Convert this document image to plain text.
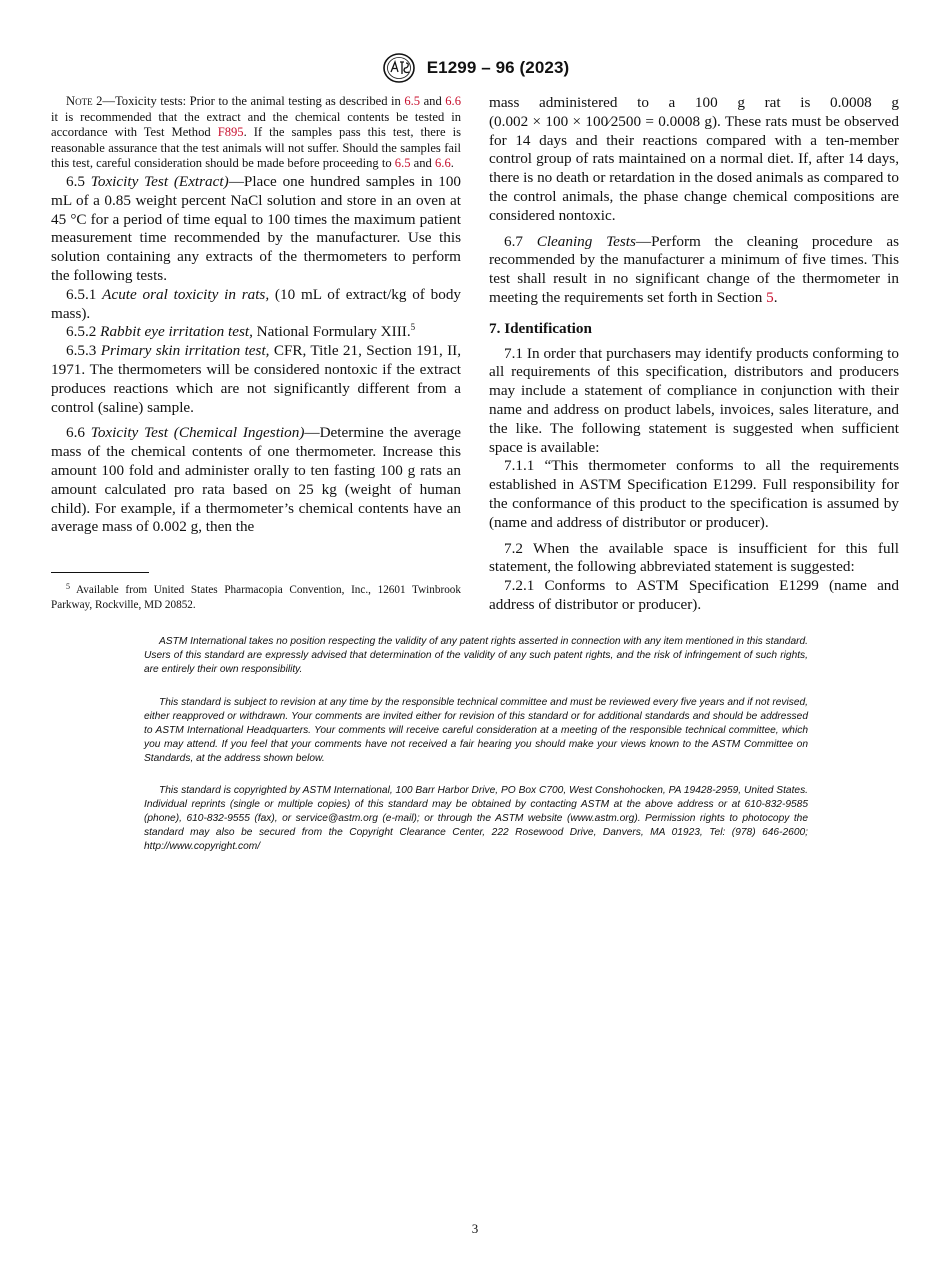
E1299 – 96 (2023)

Note 2—Toxicity tests: Prior to the animal testing as described in 6.5 and 6.6 it is recommended that the extract and the chemical contents be tested in accordance with Test Method F895. If the samples pass this test, there is reasonable assurance that the test animals will not suffer. Should the samples fail this test, careful consideration should be made before proceeding to 6.5 and 6.6.

6.5 Toxicity Test (Extract)—Place one hundred samples in 100 mL of a 0.85 weight percent NaCl solution and store in an oven at 45 °C for a period of time equal to 100 times the maximum patient measurement time recommended by the manufacturer. Use this solution containing any extracts of the thermometers to perform the following tests.

6.5.1 Acute oral toxicity in rats, (10 mL of extract/kg of body mass).

6.5.2 Rabbit eye irritation test, National Formulary XIII.$^5$

6.5.3 Primary skin irritation test, CFR, Title 21, Section 191, II, 1971. The thermometers will be considered nontoxic if the extract produces reactions which are not significantly different from a control (saline) sample.

6.6 Toxicity Test (Chemical Ingestion)—Determine the average mass of the chemical contents of one thermometer. Increase this amount 100 fold and administer orally to ten fasting 100 g rats an amount calculated pro rata based on 25 kg (weight of human child). For example, if a thermometer’s chemical contents have an average mass of 0.002 g, then the

$^5$ Available from United States Pharmacopia Convention, Inc., 12601 Twinbrook Parkway, Rockville, MD 20852.

mass administered to a 100 g rat is 0.0008 g (0.002 × 100 × 100⁄2500 = 0.0008 g). These rats must be observed for 14 days and their reactions compared with a ten-member control group of rats maintained on a normal diet. If, after 14 days, there is no death or retardation in the dosed animals as compared to the control animals, the phase change chemical compositions are considered nontoxic.

6.7 Cleaning Tests—Perform the cleaning procedure as recommended by the manufacturer a minimum of five times. This test shall result in no significant change of the thermometer in meeting the requirements set forth in Section 5.

7. Identification

7.1 In order that purchasers may identify products conforming to all requirements of this specification, distributors and producers may include a statement of compliance in conjunction with their name and address on product labels, invoices, sales literature, and the like. The following statement is suggested when sufficient space is available:

7.1.1 “This thermometer conforms to all the requirements established in ASTM Specification E1299. Full responsibility for the conformance of this product to the specification is assumed by (name and address of distributor or producer).

7.2 When the available space is insufficient for this full statement, the following abbreviated statement is suggested:

7.2.1 Conforms to ASTM Specification E1299 (name and address of distributor or producer).

ASTM International takes no position respecting the validity of any patent rights asserted in connection with any item mentioned in this standard. Users of this standard are expressly advised that determination of the validity of any such patent rights, and the risk of infringement of such rights, are entirely their own responsibility.

This standard is subject to revision at any time by the responsible technical committee and must be reviewed every five years and if not revised, either reapproved or withdrawn. Your comments are invited either for revision of this standard or for additional standards and should be addressed to ASTM International Headquarters. Your comments will receive careful consideration at a meeting of the responsible technical committee, which you may attend. If you feel that your comments have not received a fair hearing you should make your views known to the ASTM Committee on Standards, at the address shown below.

This standard is copyrighted by ASTM International, 100 Barr Harbor Drive, PO Box C700, West Conshohocken, PA 19428-2959, United States. Individual reprints (single or multiple copies) of this standard may be obtained by contacting ASTM at the above address or at 610-832-9585 (phone), 610-832-9555 (fax), or service@astm.org (e-mail); or through the ASTM website (www.astm.org). Permission rights to photocopy the standard may also be secured from the Copyright Clearance Center, 222 Rosewood Drive, Danvers, MA 01923, Tel: (978) 646-2600; http://www.copyright.com/

3
